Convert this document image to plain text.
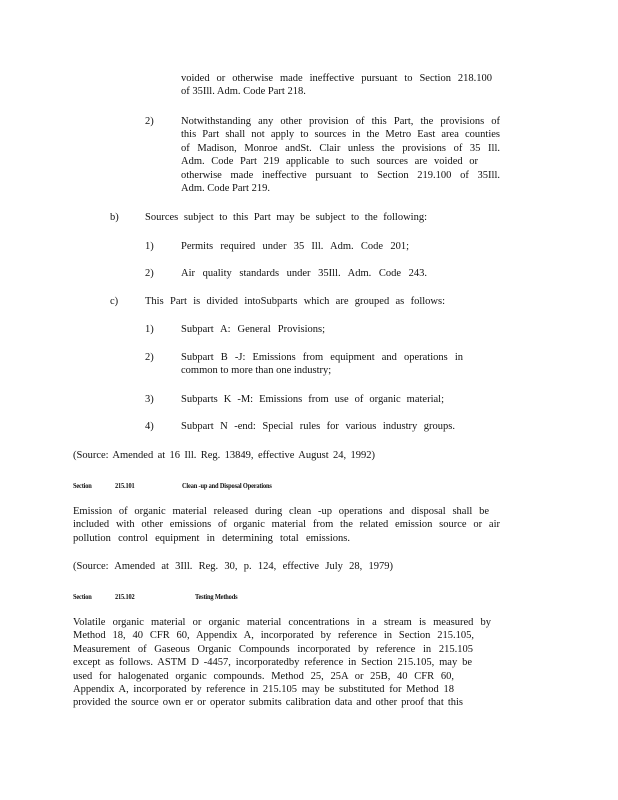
voided or otherwise made ineffective pursuant to Section 218.100
of 35Ill. Adm. Code Part 218.
2)	Notwithstanding any other provision of this Part, the provisions of
this Part shall not apply to sources in the Metro East area counties
of Madison, Monroe andSt. Clair unless the provisions of 35 Ill.
Adm. Code Part 219 applicable to such sources are voided or
otherwise made ineffective pursuant to Section 219.100 of 35Ill.
Adm. Code Part 219.
b)	Sources subject to this Part may be subject to the following:
1)	Permits required under 35 Ill. Adm. Code 201;
2)	Air quality standards under 35Ill. Adm. Code 243.
c)	This Part is divided intoSubparts which are grouped as follows:
1)	Subpart A: General Provisions;
2)	Subpart B -J: Emissions from equipment and operations in
common to more than one industry;
3)	Subparts K -M: Emissions from use of organic material;
4)	Subpart N -end: Special rules for various industry groups.
(Source: Amended at 16 Ill. Reg. 13849, effective August 24, 1992)
Section	215.101	Clean -up and Disposal Operations
Emission of organic material released during clean -up operations and disposal shall be
included with other emissions of organic material from the related emission source or air
pollution control equipment in determining total emissions.
(Source: Amended at 3Ill. Reg. 30, p. 124, effective July 28, 1979)
Section	215.102	Testing Methods
Volatile organic material or organic material concentrations in a stream is measured by
Method 18, 40 CFR 60, Appendix A, incorporated by reference in Section 215.105,
Measurement of Gaseous Organic Compounds incorporated by reference in 215.105
except as follows. ASTM D -4457, incorporatedby reference in Section 215.105, may be
used for halogenated organic compounds. Method 25, 25A or 25B, 40 CFR 60,
Appendix A, incorporated by reference in 215.105 may be substituted for Method 18
provided the source own er or operator submits calibration data and other proof that this
